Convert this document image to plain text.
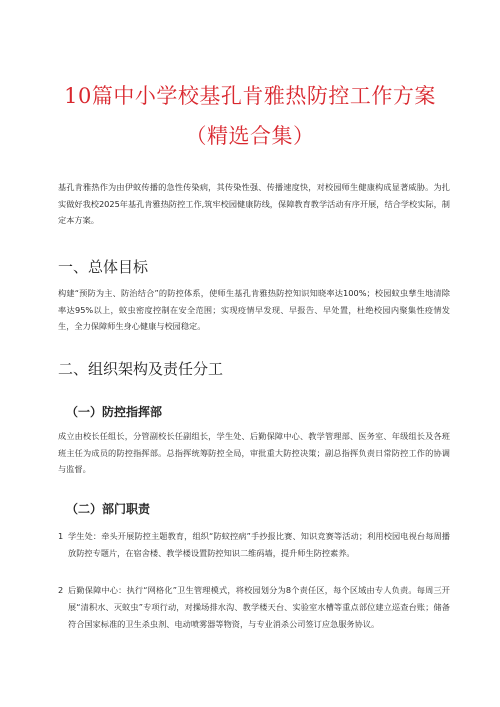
10篇中小学校基孔肯雅热防控工作方案
（精选合集）
基孔肯雅热作为由伊蚊传播的急性传染病，其传染性强、传播速度快，对校园师生健康构成显著威胁。为扎实做好我校2025年基孔肯雅热防控工作,筑牢校园健康防线，保障教育教学活动有序开展，结合学校实际，制定本方案。
一、总体目标
构建“预防为主、防治结合”的防控体系，使师生基孔肯雅热防控知识知晓率达100%；校园蚊虫孳生地清除率达95%以上，蚊虫密度控制在安全范围；实现疫情早发现、早报告、早处置，杜绝校园内聚集性疫情发生，全力保障师生身心健康与校园稳定。
二、组织架构及责任分工
（一）防控指挥部
成立由校长任组长，分管副校长任副组长，学生处、后勤保障中心、教学管理部、医务室、年级组长及各班班主任为成员的防控指挥部。总指挥统筹防控全局，审批重大防控决策；副总指挥负责日常防控工作的协调与监督。
（二）部门职责
1 学生处：牵头开展防控主题教育，组织“防蚊控病”手抄报比赛、知识竞赛等活动；利用校园电视台每周播放防控专题片，在宿舍楼、教学楼设置防控知识二维码墙，提升师生防控素养。
2 后勤保障中心：执行“网格化”卫生管理模式，将校园划分为8个责任区，每个区域由专人负责。每周三开展“清积水、灭蚊虫”专项行动，对操场排水沟、教学楼天台、实验室水槽等重点部位建立巡查台账；储备符合国家标准的卫生杀虫剂、电动喷雾器等物资，与专业消杀公司签订应急服务协议。
